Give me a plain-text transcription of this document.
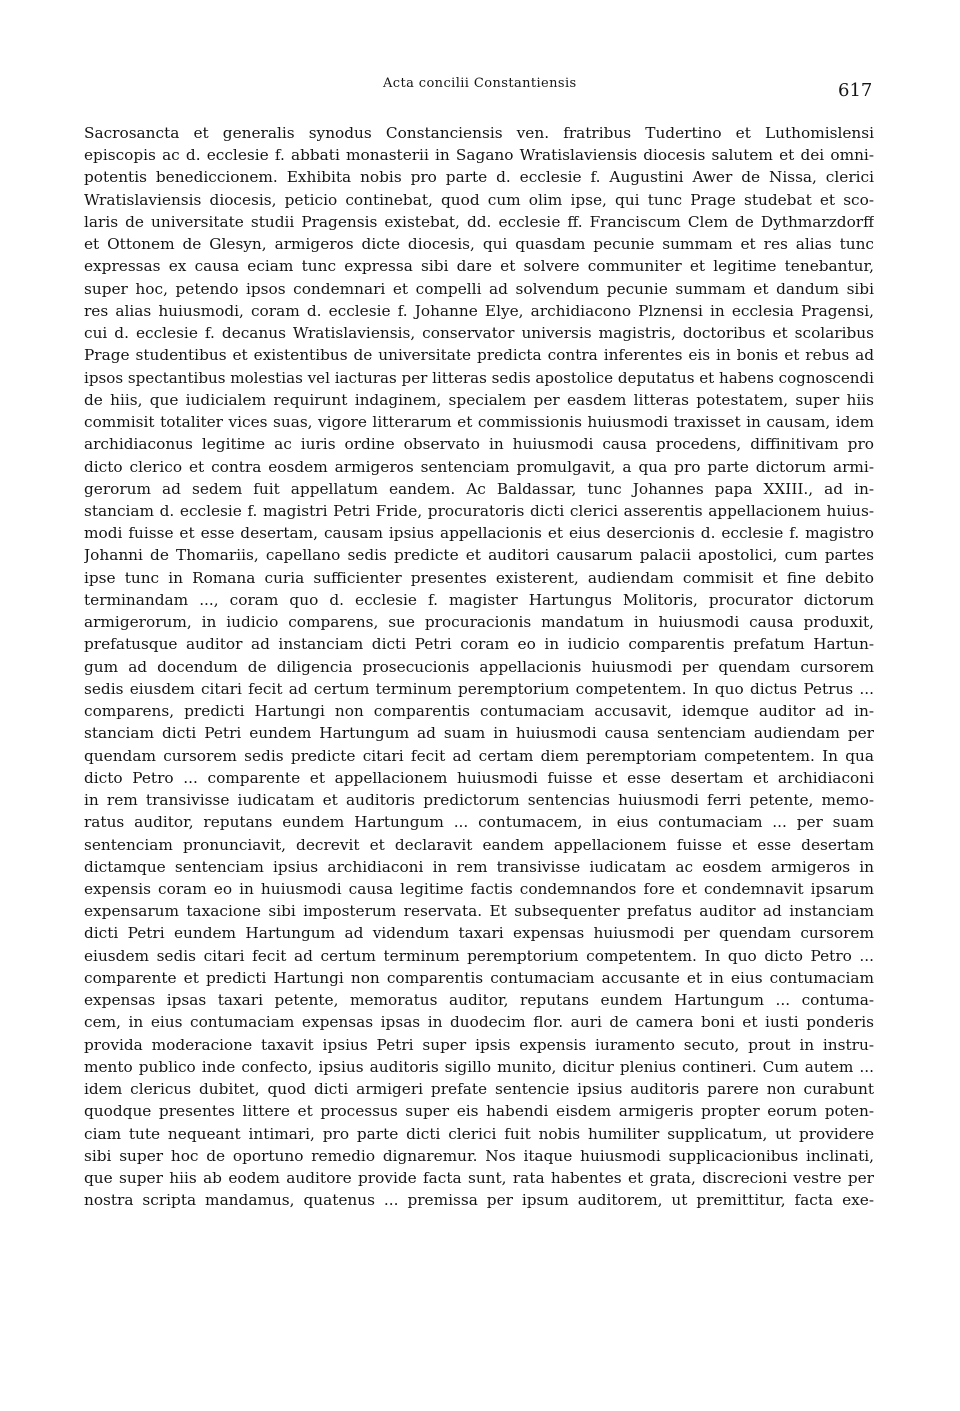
Acta concilii Constantiensis	617
Sacrosancta et generalis synodus Constanciensis ven. fratribus Tudertino et Luthomislensi
episcopis ac d. ecclesie f. abbati monasterii in Sagano Wratislaviensis diocesis salutem et dei omni-
potentis benediccionem. Exhibita nobis pro parte d. ecclesie f. Augustini Awer de Nissa, clerici
Wratislaviensis diocesis, peticio continebat, quod cum olim ipse, qui tunc Prage studebat et sco-
laris de universitate studii Pragensis existebat, dd. ecclesie ff. Franciscum Clem de Dythmarzdorff
et Ottonem de Glesyn, armigeros dicte diocesis, qui quasdam pecunie summam et res alias tunc
expressas ex causa eciam tunc expressa sibi dare et solvere communiter et legitime tenebantur,
super hoc, petendo ipsos condemnari et compelli ad solvendum pecunie summam et dandum sibi
res alias huiusmodi, coram d. ecclesie f. Johanne Elye, archidiacono Plznensi in ecclesia Pragensi,
cui d. ecclesie f. decanus Wratislaviensis, conservator universis magistris, doctoribus et scolaribus
Prage studentibus et existentibus de universitate predicta contra inferentes eis in bonis et rebus ad
ipsos spectantibus molestias vel iacturas per litteras sedis apostolice deputatus et habens cognoscendi
de hiis, que iudicialem requirunt indaginem, specialem per easdem litteras potestatem, super hiis
commisit totaliter vices suas, vigore litterarum et commissionis huiusmodi traxisset in causam, idem
archidiaconus legitime ac iuris ordine observato in huiusmodi causa procedens, diffinitivam pro
dicto clerico et contra eosdem armigeros sentenciam promulgavit, a qua pro parte dictorum armi-
gerorum ad sedem fuit appellatum eandem. Ac Baldassar, tunc Johannes papa XXIII., ad in-
stanciam d. ecclesie f. magistri Petri Fride, procuratoris dicti clerici asserentis appellacionem huius-
modi fuisse et esse desertam, causam ipsius appellacionis et eius desercionis d. ecclesie f. magistro
Johanni de Thomariis, capellano sedis predicte et auditori causarum palacii apostolici, cum partes
ipse tunc in Romana curia sufficienter presentes existerent, audiendam commisit et fine debito
terminandam ..., coram quo d. ecclesie f. magister Hartungus Molitoris, procurator dictorum
armigerorum, in iudicio comparens, sue procuracionis mandatum in huiusmodi causa produxit,
prefatusque auditor ad instanciam dicti Petri coram eo in iudicio comparentis prefatum Hartun-
gum ad docendum de diligencia prosecucionis appellacionis huiusmodi per quendam cursorem
sedis eiusdem citari fecit ad certum terminum peremptorium competentem. In quo dictus Petrus ...
comparens, predicti Hartungi non comparentis contumaciam accusavit, idemque auditor ad in-
stanciam dicti Petri eundem Hartungum ad suam in huiusmodi causa sentenciam audiendam per
quendam cursorem sedis predicte citari fecit ad certam diem peremptoriam competentem. In qua
dicto Petro ... comparente et appellacionem huiusmodi fuisse et esse desertam et archidiaconi
in rem transivisse iudicatam et auditoris predictorum sentencias huiusmodi ferri petente, memo-
ratus auditor, reputans eundem Hartungum ... contumacem, in eius contumaciam ... per suam
sentenciam pronunciavit, decrevit et declaravit eandem appellacionem fuisse et esse desertam
dictamque sentenciam ipsius archidiaconi in rem transivisse iudicatam ac eosdem armigeros in
expensis coram eo in huiusmodi causa legitime factis condemnandos fore et condemnavit ipsarum
expensarum taxacione sibi imposterum reservata. Et subsequenter prefatus auditor ad instanciam
dicti Petri eundem Hartungum ad videndum taxari expensas huiusmodi per quendam cursorem
eiusdem sedis citari fecit ad certum terminum peremptorium competentem. In quo dicto Petro ...
comparente et predicti Hartungi non comparentis contumaciam accusante et in eius contumaciam
expensas ipsas taxari petente, memoratus auditor, reputans eundem Hartungum ... contuma-
cem, in eius contumaciam expensas ipsas in duodecim flor. auri de camera boni et iusti ponderis
provida moderacione taxavit ipsius Petri super ipsis expensis iuramento secuto, prout in instru-
mento publico inde confecto, ipsius auditoris sigillo munito, dicitur plenius contineri. Cum autem ...
idem clericus dubitet, quod dicti armigeri prefate sentencie ipsius auditoris parere non curabunt
quodque presentes littere et processus super eis habendi eisdem armigeris propter eorum poten-
ciam tute nequeant intimari, pro parte dicti clerici fuit nobis humiliter supplicatum, ut providere
sibi super hoc de oportuno remedio dignaremur. Nos itaque huiusmodi supplicacionibus inclinati,
que super hiis ab eodem auditore provide facta sunt, rata habentes et grata, discrecioni vestre per
nostra scripta mandamus, quatenus ... premissa per ipsum auditorem, ut premittitur, facta exe-
